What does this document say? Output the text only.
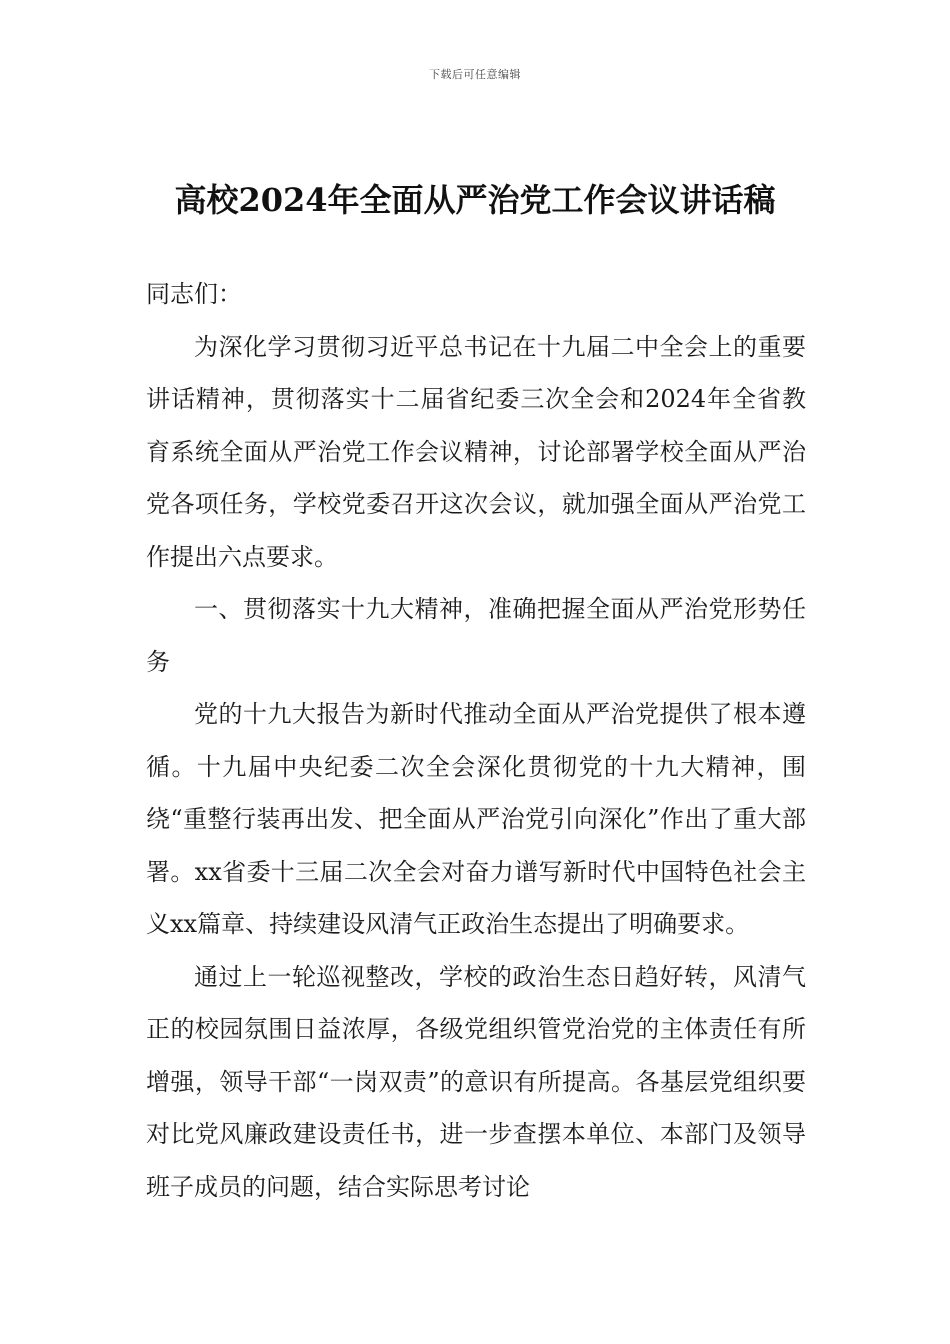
下载后可任意编辑
高校2024年全面从严治党工作会议讲话稿

同志们：

为深化学习贯彻习近平总书记在十九届二中全会上的重要讲话精神，贯彻落实十二届省纪委三次全会和2024年全省教育系统全面从严治党工作会议精神，讨论部署学校全面从严治党各项任务，学校党委召开这次会议，就加强全面从严治党工作提出六点要求。

一、贯彻落实十九大精神，准确把握全面从严治党形势任务

党的十九大报告为新时代推动全面从严治党提供了根本遵循。十九届中央纪委二次全会深化贯彻党的十九大精神，围绕“重整行装再出发、把全面从严治党引向深化”作出了重大部署。xx省委十三届二次全会对奋力谱写新时代中国特色社会主义xx篇章、持续建设风清气正政治生态提出了明确要求。

通过上一轮巡视整改，学校的政治生态日趋好转，风清气正的校园氛围日益浓厚，各级党组织管党治党的主体责任有所增强，领导干部“一岗双责”的意识有所提高。各基层党组织要对比党风廉政建设责任书，进一步查摆本单位、本部门及领导班子成员的问题，结合实际思考讨论
